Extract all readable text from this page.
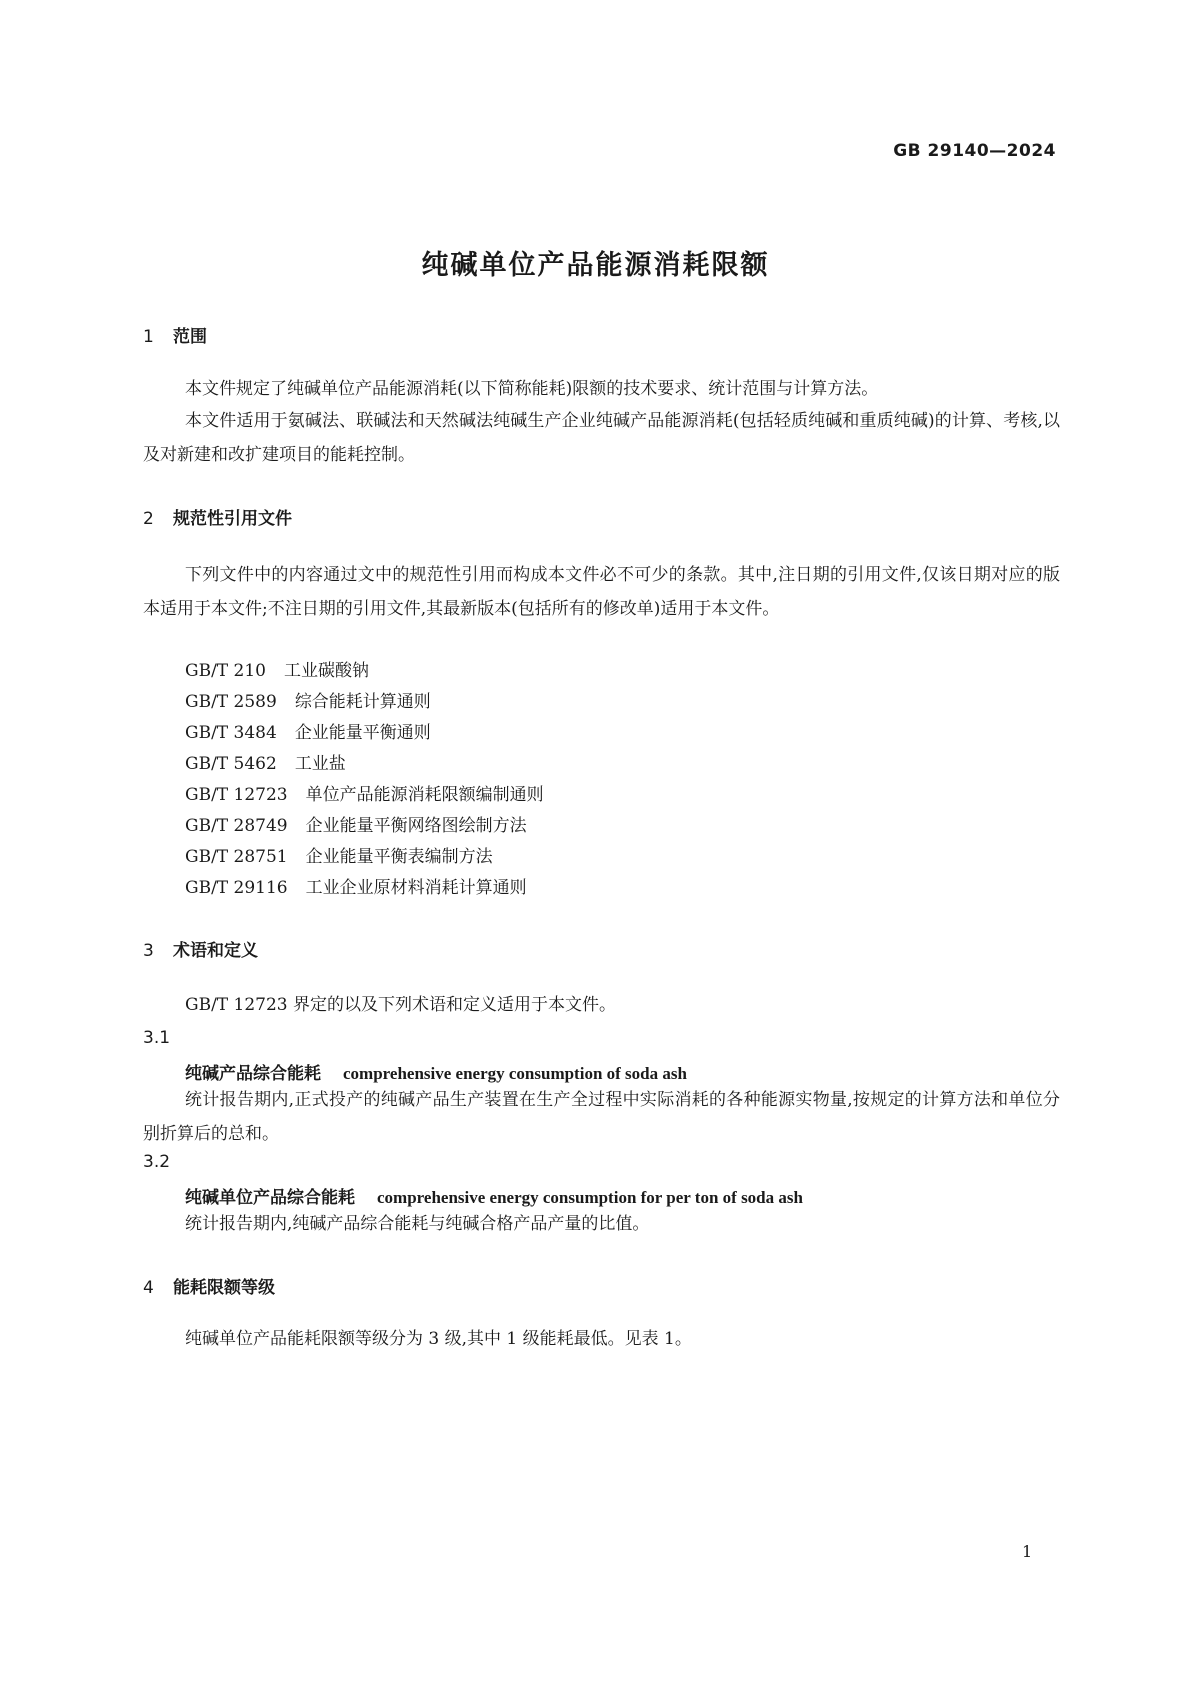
GB 29140—2024
纯碱单位产品能源消耗限额
1 范围
本文件规定了纯碱单位产品能源消耗(以下简称能耗)限额的技术要求、统计范围与计算方法。
本文件适用于氨碱法、联碱法和天然碱法纯碱生产企业纯碱产品能源消耗(包括轻质纯碱和重质纯碱)的计算、考核,以及对新建和改扩建项目的能耗控制。
2 规范性引用文件
下列文件中的内容通过文中的规范性引用而构成本文件必不可少的条款。其中,注日期的引用文件,仅该日期对应的版本适用于本文件;不注日期的引用文件,其最新版本(包括所有的修改单)适用于本文件。
GB/T 210 工业碳酸钠
GB/T 2589 综合能耗计算通则
GB/T 3484 企业能量平衡通则
GB/T 5462 工业盐
GB/T 12723 单位产品能源消耗限额编制通则
GB/T 28749 企业能量平衡网络图绘制方法
GB/T 28751 企业能量平衡表编制方法
GB/T 29116 工业企业原材料消耗计算通则
3 术语和定义
GB/T 12723 界定的以及下列术语和定义适用于本文件。
3.1
纯碱产品综合能耗 comprehensive energy consumption of soda ash
统计报告期内,正式投产的纯碱产品生产装置在生产全过程中实际消耗的各种能源实物量,按规定的计算方法和单位分别折算后的总和。
3.2
纯碱单位产品综合能耗 comprehensive energy consumption for per ton of soda ash
统计报告期内,纯碱产品综合能耗与纯碱合格产品产量的比值。
4 能耗限额等级
纯碱单位产品能耗限额等级分为 3 级,其中 1 级能耗最低。见表 1。
1
